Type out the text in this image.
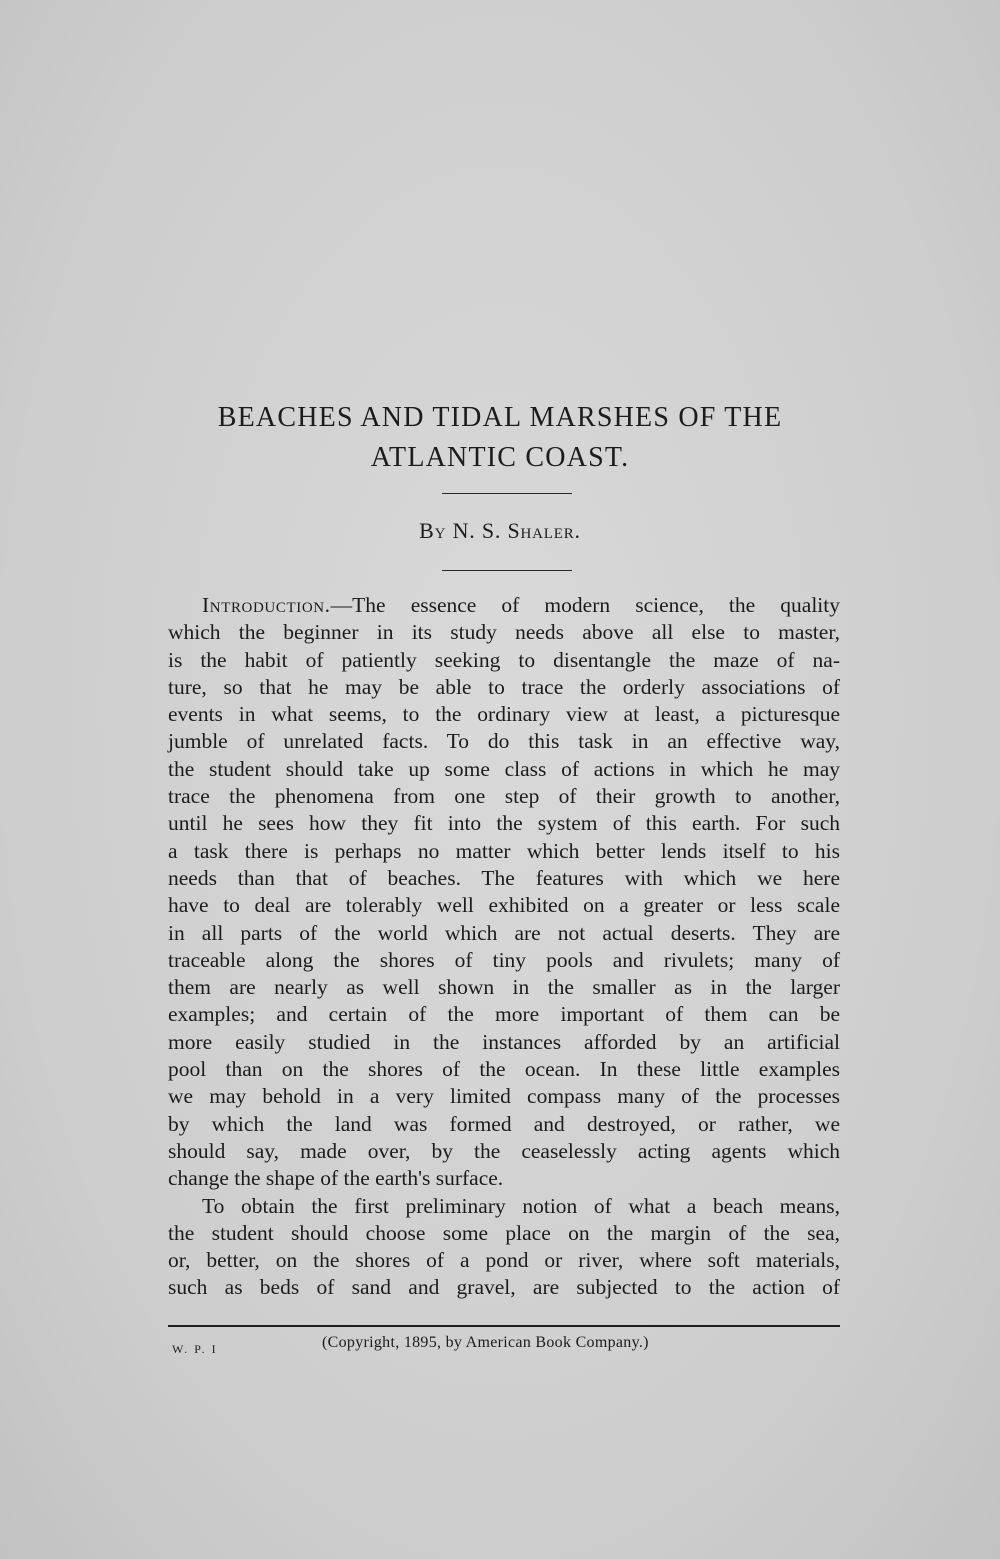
BEACHES AND TIDAL MARSHES OF THE
ATLANTIC COAST.

By N. S. Shaler.

Introduction.—The essence of modern science, the quality
which the beginner in its study needs above all else to master,
is the habit of patiently seeking to disentangle the maze of na-
ture, so that he may be able to trace the orderly associations of
events in what seems, to the ordinary view at least, a picturesque
jumble of unrelated facts. To do this task in an effective way,
the student should take up some class of actions in which he may
trace the phenomena from one step of their growth to another,
until he sees how they fit into the system of this earth. For such
a task there is perhaps no matter which better lends itself to his
needs than that of beaches. The features with which we here
have to deal are tolerably well exhibited on a greater or less scale
in all parts of the world which are not actual deserts. They are
traceable along the shores of tiny pools and rivulets; many of
them are nearly as well shown in the smaller as in the larger
examples; and certain of the more important of them can be
more easily studied in the instances afforded by an artificial
pool than on the shores of the ocean. In these little examples
we may behold in a very limited compass many of the processes
by which the land was formed and destroyed, or rather, we
should say, made over, by the ceaselessly acting agents which
change the shape of the earth's surface.
To obtain the first preliminary notion of what a beach means,
the student should choose some place on the margin of the sea,
or, better, on the shores of a pond or river, where soft materials,
such as beds of sand and gravel, are subjected to the action of
W. P. I	(Copyright, 1895, by American Book Company.)
